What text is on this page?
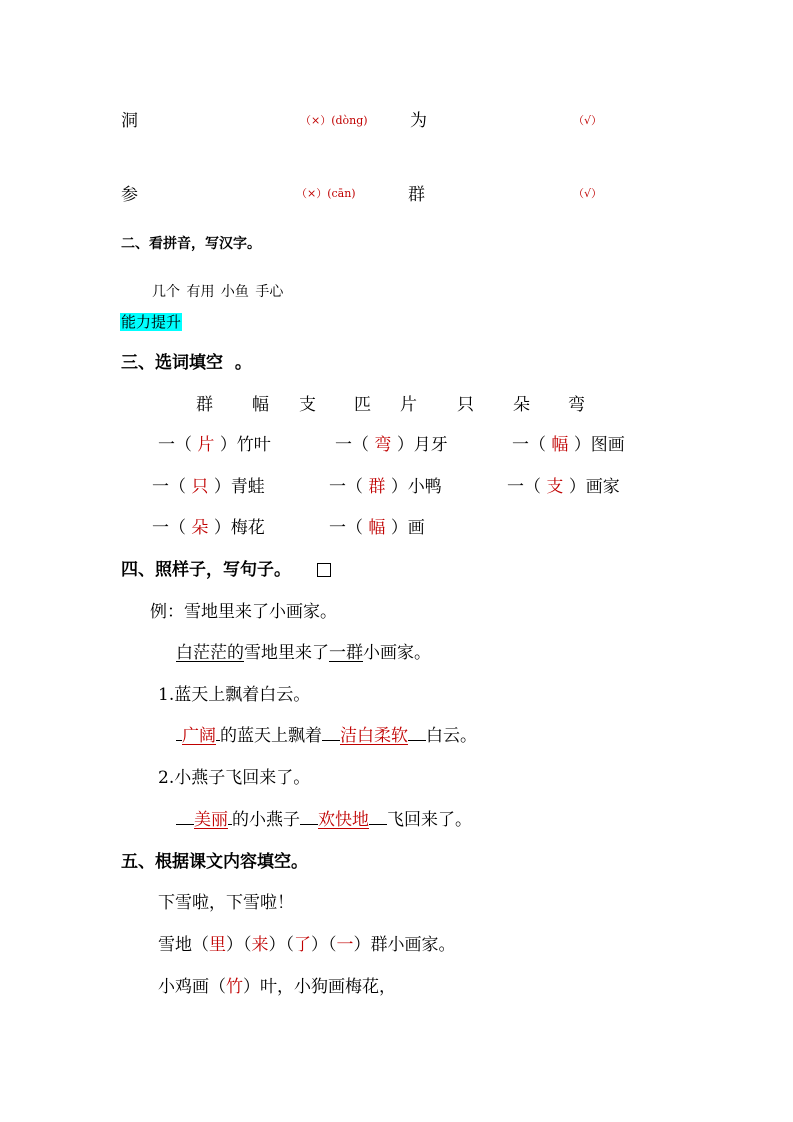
洞	（×）(dòng) 为	（√）
参	（×）(cān)	群	（√）
二、看拼音，写汉字。
几个 有用 小鱼 手心
能力提升
三、选词填空 。
群 幅 支 匹 片 只 朵 弯
一（ 片 ）竹叶	一（ 弯 ）月牙	一（ 幅 ）图画
一（ 只 ）青蛙	一（ 群 ）小鸭	一（ 支 ）画家
一（ 朵 ）梅花	一（ 幅 ）画
四、照样子，写句子。
例：雪地里来了小画家。
白茫茫的雪地里来了一群小画家。
1.蓝天上飘着白云。
广阔 的蓝天上飘着 洁白柔软 白云。
2.小燕子飞回来了。
美丽 的小燕子 欢快地 飞回来了。
五、根据课文内容填空。
下雪啦，下雪啦！
雪地（里）（来）（了）（一）群小画家。
小鸡画（竹）叶，小狗画梅花，
